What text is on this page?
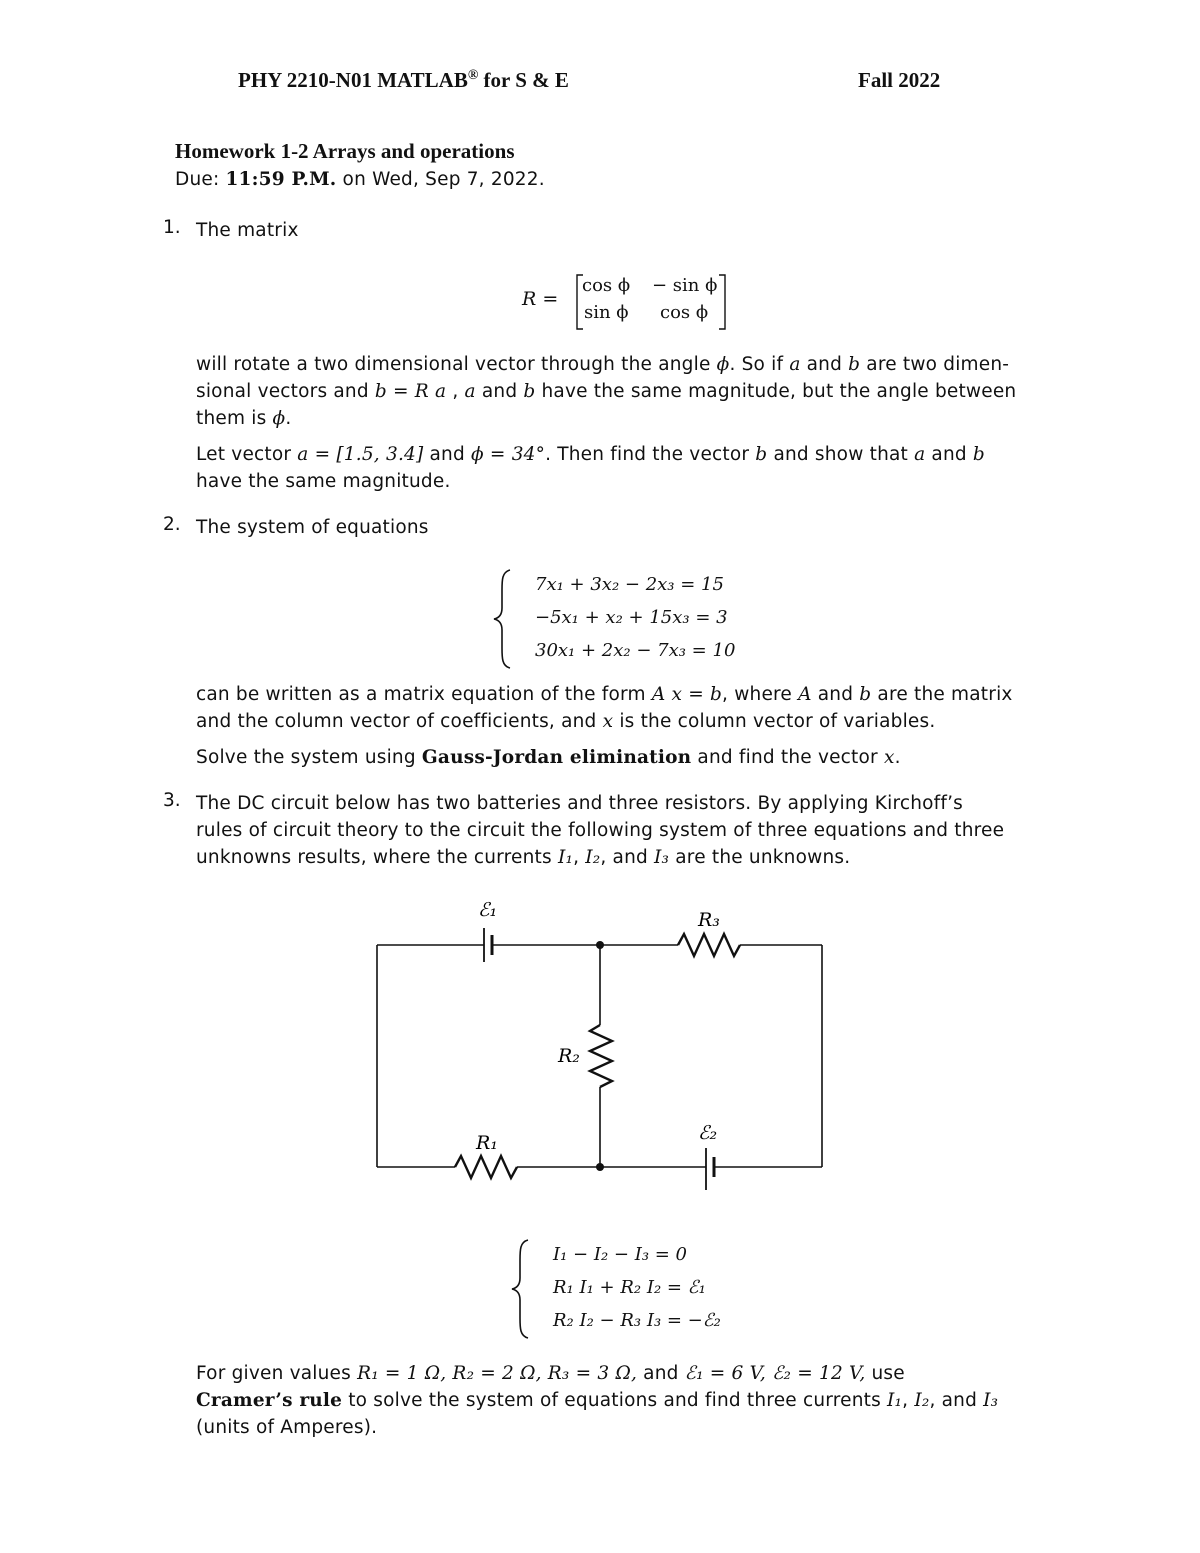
PHY 2210-N01 MATLAB® for S & E	Fall 2022
Homework 1-2 Arrays and operations
Due: 11:59 P.M. on Wed, Sep 7, 2022.
1. The matrix
R =
cos ϕ − sin ϕ
sin ϕ cos ϕ
will rotate a two dimensional vector through the angle ϕ. So if a and b are two dimen-
sional vectors and b = R a , a and b have the same magnitude, but the angle between
them is ϕ.
Let vector a = [1.5, 3.4] and ϕ = 34°. Then find the vector b and show that a and b
have the same magnitude.
2. The system of equations
7x₁ + 3x₂ − 2x₃ = 15
−5x₁ + x₂ + 15x₃ = 3
30x₁ + 2x₂ − 7x₃ = 10
can be written as a matrix equation of the form A x = b, where A and b are the matrix
and the column vector of coefficients, and x is the column vector of variables.
Solve the system using Gauss-Jordan elimination and find the vector x.
3. The DC circuit below has two batteries and three resistors. By applying Kirchoff’s
rules of circuit theory to the circuit the following system of three equations and three
unknowns results, where the currents I₁, I₂, and I₃ are the unknowns.
ℰ₁	R₃
R₂
R₁	ℰ₂
I₁ − I₂ − I₃ = 0
R₁ I₁ + R₂ I₂ = ℰ₁
R₂ I₂ − R₃ I₃ = −ℰ₂
For given values R₁ = 1 Ω, R₂ = 2 Ω, R₃ = 3 Ω, and ℰ₁ = 6 V, ℰ₂ = 12 V, use
Cramer’s rule to solve the system of equations and find three currents I₁, I₂, and I₃
(units of Amperes).
